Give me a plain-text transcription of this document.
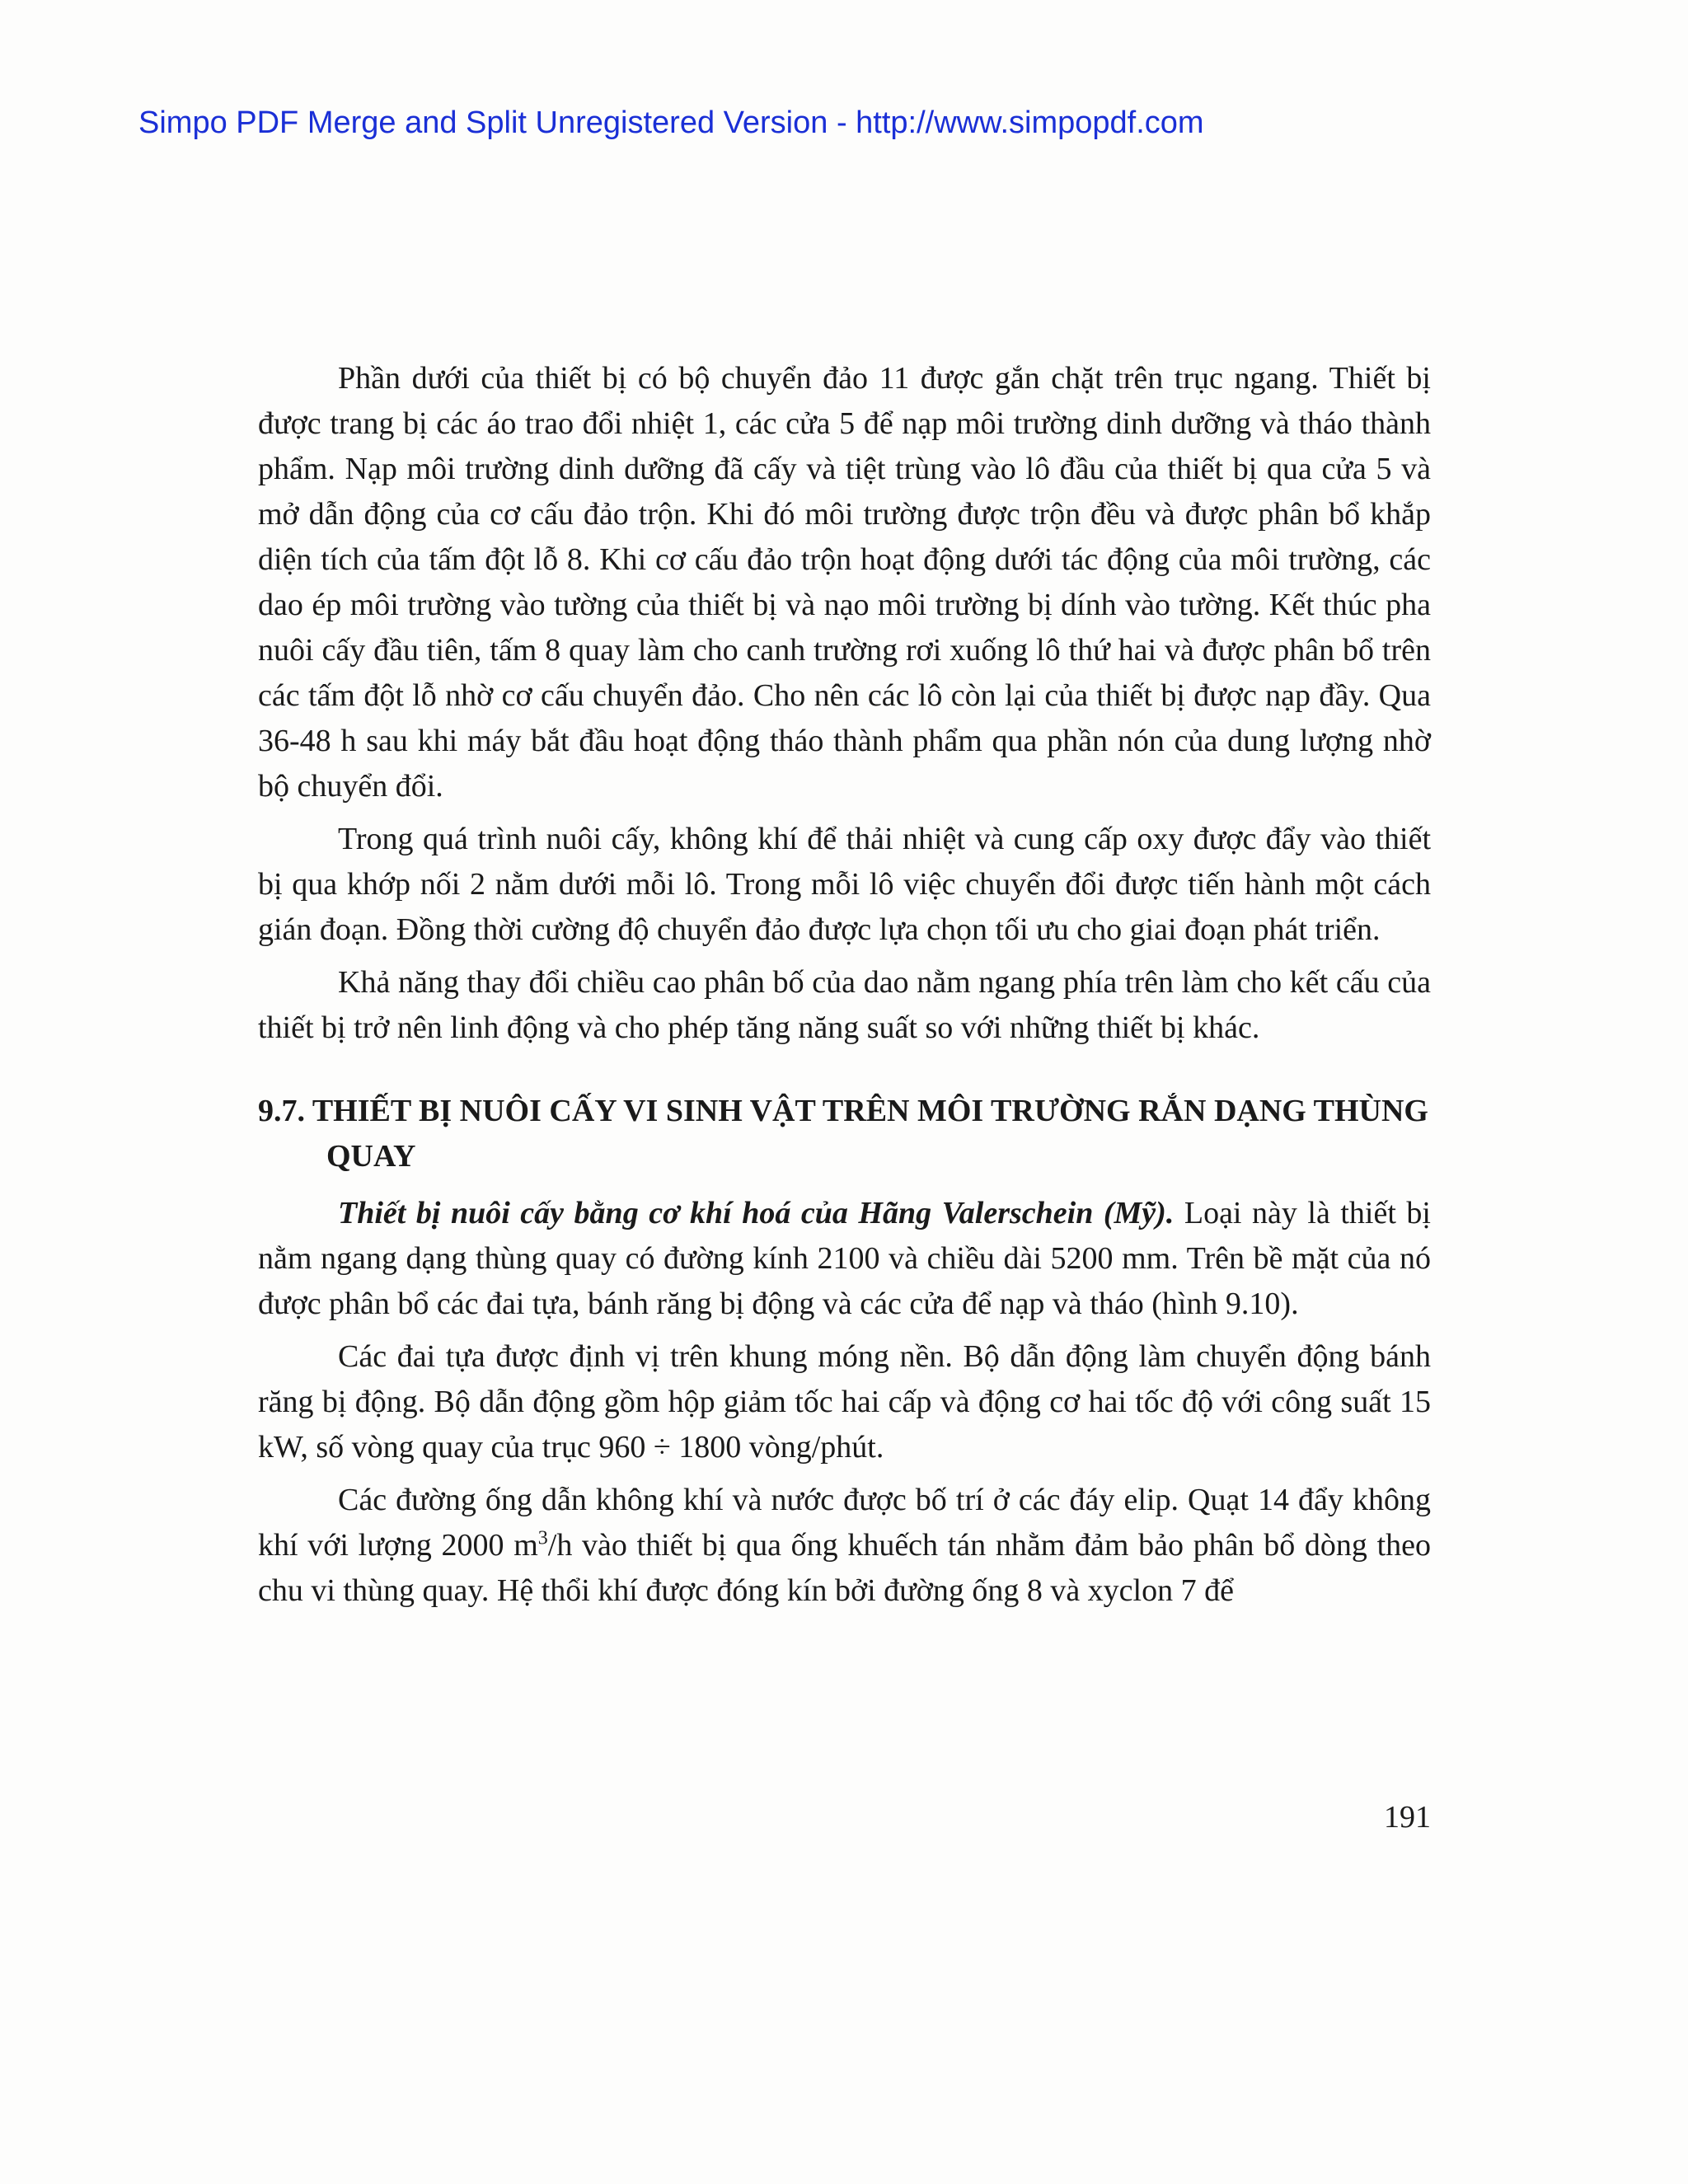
Simpo PDF Merge and Split Unregistered Version - http://www.simpopdf.com

Phần dưới của thiết bị có bộ chuyển đảo 11 được gắn chặt trên trục ngang. Thiết bị được trang bị các áo trao đổi nhiệt 1, các cửa 5 để nạp môi trường dinh dưỡng và tháo thành phẩm. Nạp môi trường dinh dưỡng đã cấy và tiệt trùng vào lô đầu của thiết bị qua cửa 5 và mở dẫn động của cơ cấu đảo trộn. Khi đó môi trường được trộn đều và được phân bổ khắp diện tích của tấm đột lỗ 8. Khi cơ cấu đảo trộn hoạt động dưới tác động của môi trường, các dao ép môi trường vào tường của thiết bị và nạo môi trường bị dính vào tường. Kết thúc pha nuôi cấy đầu tiên, tấm 8 quay làm cho canh trường rơi xuống lô thứ hai và được phân bổ trên các tấm đột lỗ nhờ cơ cấu chuyển đảo. Cho nên các lô còn lại của thiết bị được nạp đầy. Qua 36‑48 h sau khi máy bắt đầu hoạt động tháo thành phẩm qua phần nón của dung lượng nhờ bộ chuyển đổi.

Trong quá trình nuôi cấy, không khí để thải nhiệt và cung cấp oxy được đẩy vào thiết bị qua khớp nối 2 nằm dưới mỗi lô. Trong mỗi lô việc chuyển đổi được tiến hành một cách gián đoạn. Đồng thời cường độ chuyển đảo được lựa chọn tối ưu cho giai đoạn phát triển.

Khả năng thay đổi chiều cao phân bố của dao nằm ngang phía trên làm cho kết cấu của thiết bị trở nên linh động và cho phép tăng năng suất so với những thiết bị khác.

9.7. THIẾT BỊ NUÔI CẤY VI SINH VẬT TRÊN MÔI TRƯỜNG RẮN DẠNG THÙNG QUAY

Thiết bị nuôi cấy bằng cơ khí hoá của Hãng Valerschein (Mỹ). Loại này là thiết bị nằm ngang dạng thùng quay có đường kính 2100 và chiều dài 5200 mm. Trên bề mặt của nó được phân bổ các đai tựa, bánh răng bị động và các cửa để nạp và tháo (hình 9.10).

Các đai tựa được định vị trên khung móng nền. Bộ dẫn động làm chuyển động bánh răng bị động. Bộ dẫn động gồm hộp giảm tốc hai cấp và động cơ hai tốc độ với công suất 15 kW, số vòng quay của trục 960 ÷ 1800 vòng/phút.

Các đường ống dẫn không khí và nước được bố trí ở các đáy elip. Quạt 14 đẩy không khí với lượng 2000 $m^3/h$ vào thiết bị qua ống khuếch tán nhằm đảm bảo phân bổ dòng theo chu vi thùng quay. Hệ thổi khí được đóng kín bởi đường ống 8 và xyclon 7 để

191
